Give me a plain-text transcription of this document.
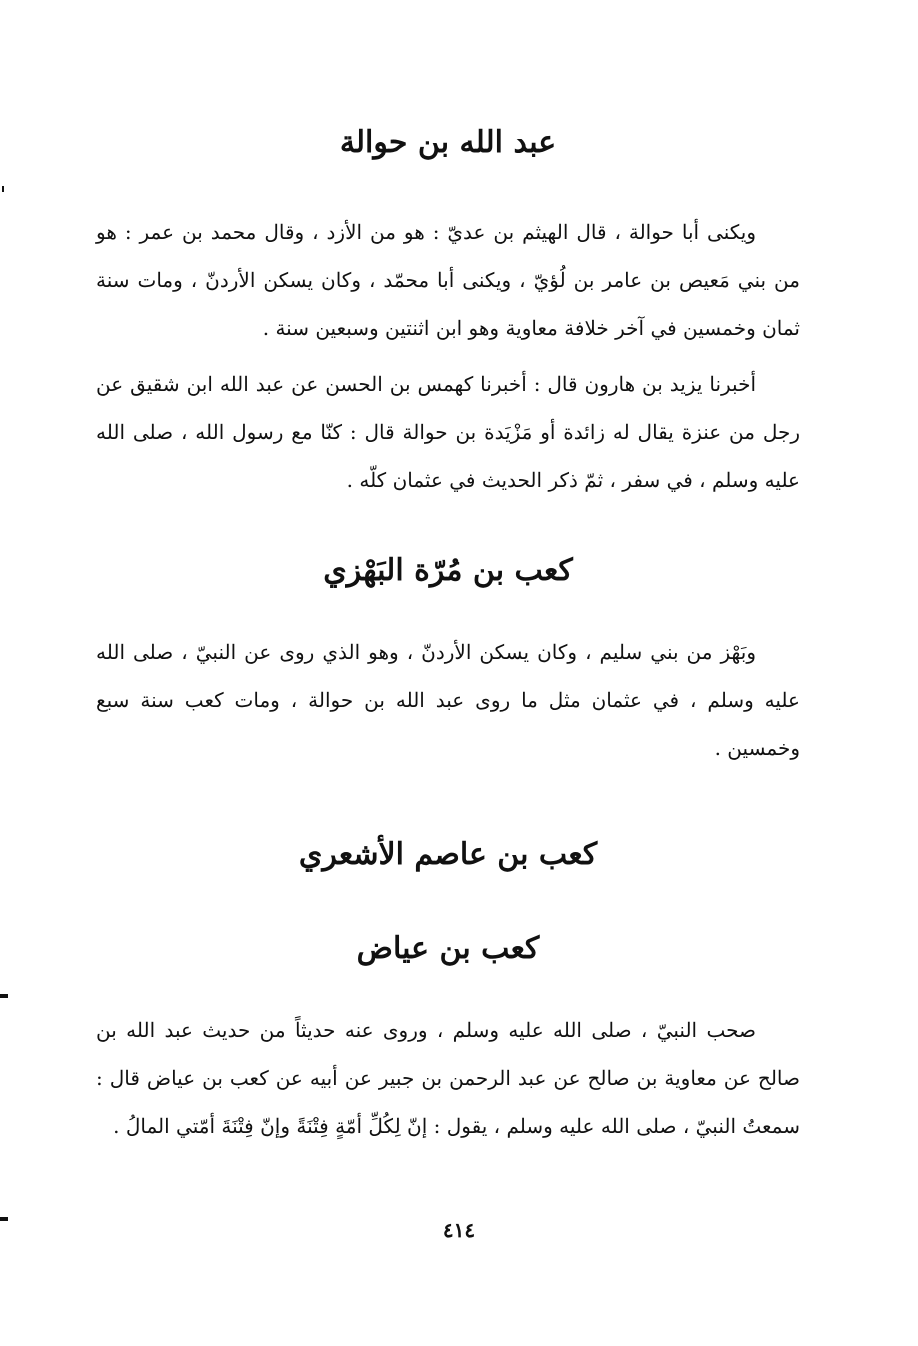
عبد الله بن حوالة

ويكنى أبا حوالة ، قال الهيثم بن عديّ : هو من الأزد ، وقال محمد بن عمر : هو من بني مَعيص بن عامر بن لُؤيّ ، ويكنى أبا محمّد ، وكان يسكن الأردنّ ، ومات سنة ثمان وخمسين في آخر خلافة معاوية وهو ابن اثنتين وسبعين سنة .

أخبرنا يزيد بن هارون قال : أخبرنا كهمس بن الحسن عن عبد الله ابن شقيق عن رجل من عنزة يقال له زائدة أو مَزْيَدة بن حوالة قال : كنّا مع رسول الله ، صلى الله عليه وسلم ، في سفر ، ثمّ ذكر الحديث في عثمان كلّه .

كعب بن مُرّة البَهْزي

وبَهْز من بني سليم ، وكان يسكن الأردنّ ، وهو الذي روى عن النبيّ ، صلى الله عليه وسلم ، في عثمان مثل ما روى عبد الله بن حوالة ، ومات كعب سنة سبع وخمسين .

كعب بن عاصم الأشعري
كعب بن عياض

صحب النبيّ ، صلى الله عليه وسلم ، وروى عنه حديثاً من حديث عبد الله بن صالح عن معاوية بن صالح عن عبد الرحمن بن جبير عن أبيه عن كعب بن عياض قال : سمعتُ النبيّ ، صلى الله عليه وسلم ، يقول : إنّ لِكُلِّ أمّةٍ فِتْنَةً وإنّ فِتْنَةَ أمّتي المالُ .

٤١٤
